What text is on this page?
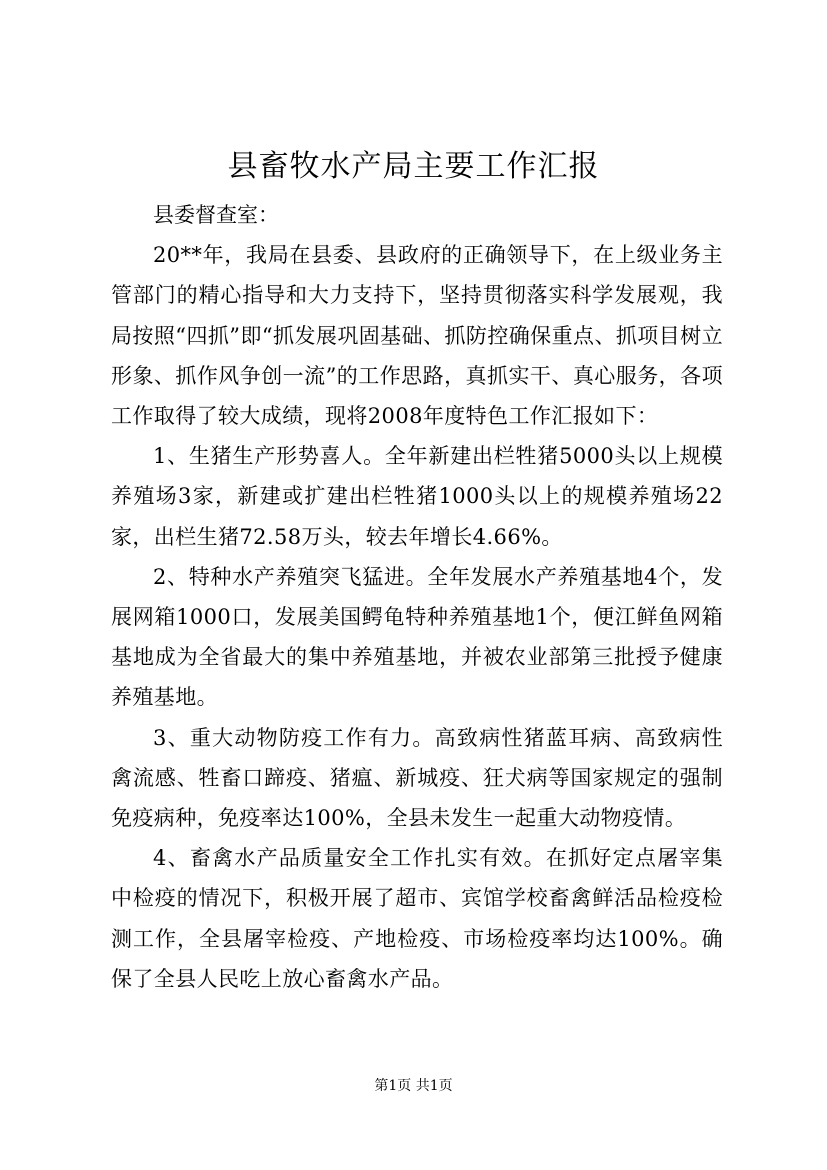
县畜牧水产局主要工作汇报

县委督查室：

20**年，我局在县委、县政府的正确领导下，在上级业务主管部门的精心指导和大力支持下，坚持贯彻落实科学发展观，我局按照“四抓”即“抓发展巩固基础、抓防控确保重点、抓项目树立形象、抓作风争创一流”的工作思路，真抓实干、真心服务，各项工作取得了较大成绩，现将2008年度特色工作汇报如下：

1、生猪生产形势喜人。全年新建出栏牲猪5000头以上规模养殖场3家，新建或扩建出栏牲猪1000头以上的规模养殖场22家，出栏生猪72.58万头，较去年增长4.66%。

2、特种水产养殖突飞猛进。全年发展水产养殖基地4个，发展网箱1000口，发展美国鳄龟特种养殖基地1个，便江鲜鱼网箱基地成为全省最大的集中养殖基地，并被农业部第三批授予健康养殖基地。

3、重大动物防疫工作有力。高致病性猪蓝耳病、高致病性禽流感、牲畜口蹄疫、猪瘟、新城疫、狂犬病等国家规定的强制免疫病种，免疫率达100%，全县未发生一起重大动物疫情。

4、畜禽水产品质量安全工作扎实有效。在抓好定点屠宰集中检疫的情况下，积极开展了超市、宾馆学校畜禽鲜活品检疫检测工作，全县屠宰检疫、产地检疫、市场检疫率均达100%。确保了全县人民吃上放心畜禽水产品。

第1页 共1页
